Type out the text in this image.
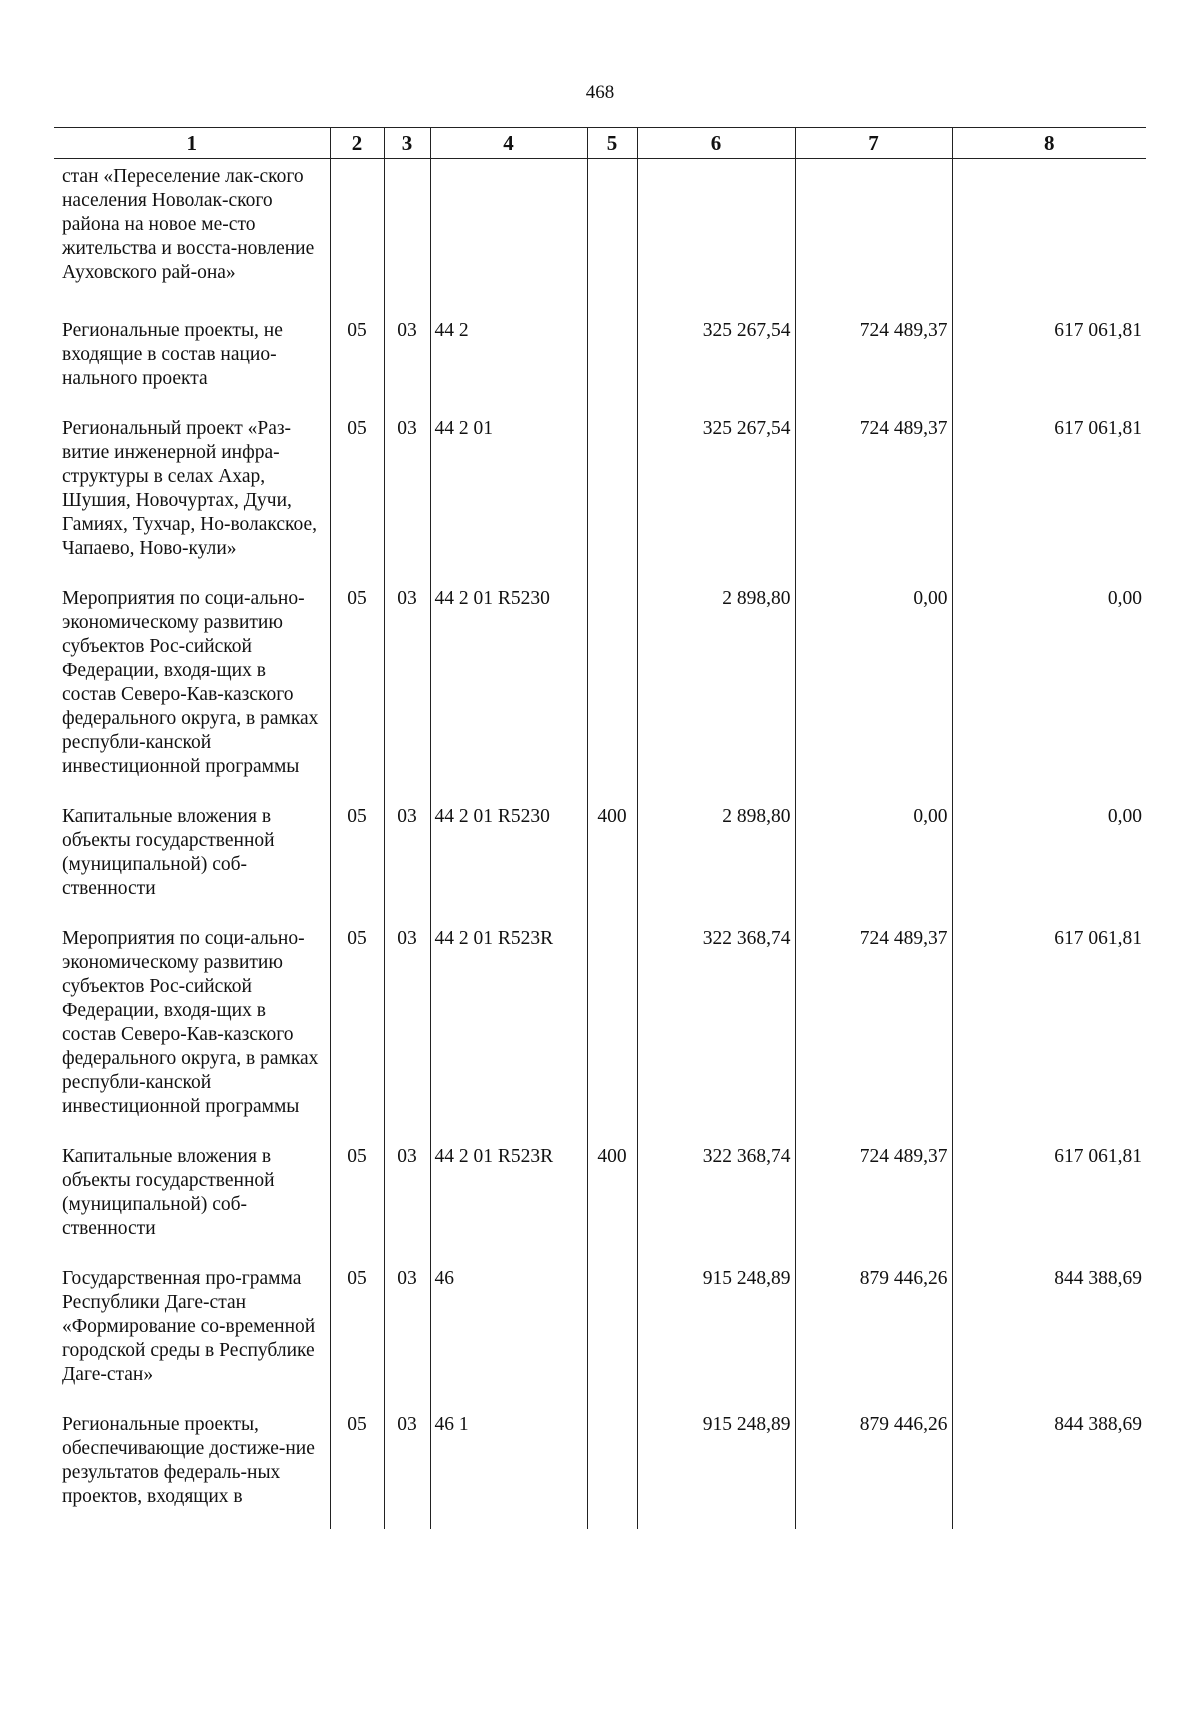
468
1	2	3	4	5	6	7	8
стан «Переселение лак-ского населения Новолак-ского района на новое ме-сто жительства и восста-новление Ауховского рай-она»							
Региональные проекты, не входящие в состав нацио-нального проекта	05	03	44 2		325 267,54	724 489,37	617 061,81
Региональный проект «Раз-витие инженерной инфра-структуры в селах Ахар, Шушия, Новочуртах, Дучи, Гамиях, Тухчар, Но-волакское, Чапаево, Ново-кули»	05	03	44 2 01		325 267,54	724 489,37	617 061,81
Мероприятия по соци-ально-экономическому развитию субъектов Рос-сийской Федерации, входя-щих в состав Северо-Кав-казского федерального округа, в рамках республи-канской инвестиционной программы	05	03	44 2 01 R5230		2 898,80	0,00	0,00
Капитальные вложения в объекты государственной (муниципальной) соб-ственности	05	03	44 2 01 R5230	400	2 898,80	0,00	0,00
Мероприятия по соци-ально-экономическому развитию субъектов Рос-сийской Федерации, входя-щих в состав Северо-Кав-казского федерального округа, в рамках республи-канской инвестиционной программы	05	03	44 2 01 R523R		322 368,74	724 489,37	617 061,81
Капитальные вложения в объекты государственной (муниципальной) соб-ственности	05	03	44 2 01 R523R	400	322 368,74	724 489,37	617 061,81
Государственная про-грамма Республики Даге-стан «Формирование со-временной городской среды в Республике Даге-стан»	05	03	46		915 248,89	879 446,26	844 388,69
Региональные проекты, обеспечивающие достиже-ние результатов федераль-ных проектов, входящих в	05	03	46 1		915 248,89	879 446,26	844 388,69
